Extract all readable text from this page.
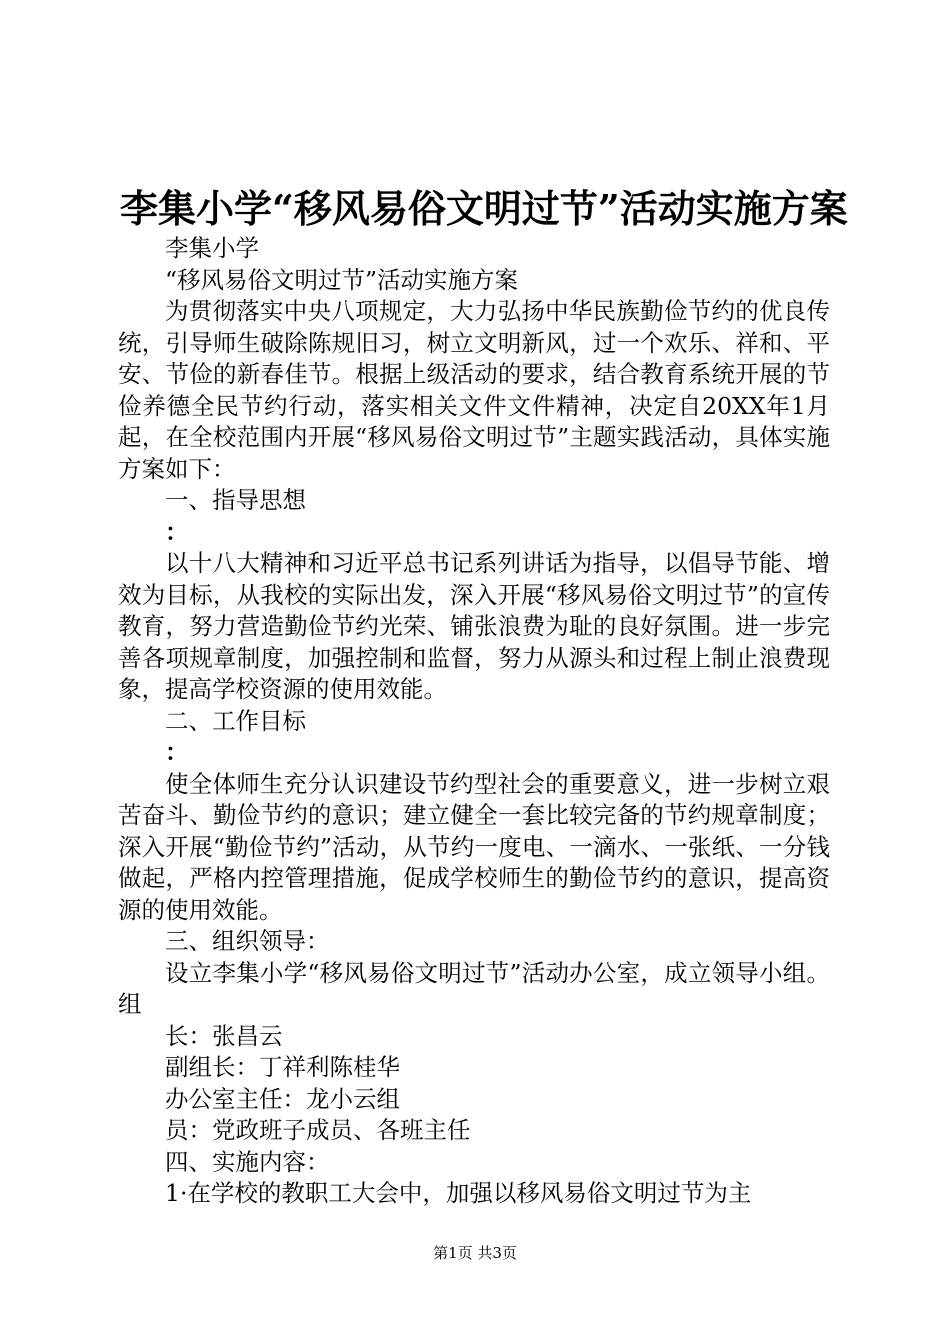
李集小学“移风易俗文明过节”活动实施方案

李集小学

“移风易俗文明过节”活动实施方案

为贯彻落实中央八项规定，大力弘扬中华民族勤俭节约的优良传统，引导师生破除陈规旧习，树立文明新风，过一个欢乐、祥和、平安、节俭的新春佳节。根据上级活动的要求，结合教育系统开展的节俭养德全民节约行动，落实相关文件文件精神，决定自20XX年1月起，在全校范围内开展“移风易俗文明过节”主题实践活动，具体实施方案如下：

一、指导思想

：

以十八大精神和习近平总书记系列讲话为指导，以倡导节能、增效为目标，从我校的实际出发，深入开展“移风易俗文明过节”的宣传教育，努力营造勤俭节约光荣、铺张浪费为耻的良好氛围。进一步完善各项规章制度，加强控制和监督，努力从源头和过程上制止浪费现象，提高学校资源的使用效能。

二、工作目标

：

使全体师生充分认识建设节约型社会的重要意义，进一步树立艰苦奋斗、勤俭节约的意识；建立健全一套比较完备的节约规章制度；深入开展“勤俭节约”活动，从节约一度电、一滴水、一张纸、一分钱做起，严格内控管理措施，促成学校师生的勤俭节约的意识，提高资源的使用效能。

三、组织领导：

设立李集小学“移风易俗文明过节”活动办公室，成立领导小组。组

长：张昌云

副组长：丁祥利陈桂华

办公室主任：龙小云组

员：党政班子成员、各班主任

四、实施内容：

1·在学校的教职工大会中，加强以移风易俗文明过节为主

第1页 共3页
